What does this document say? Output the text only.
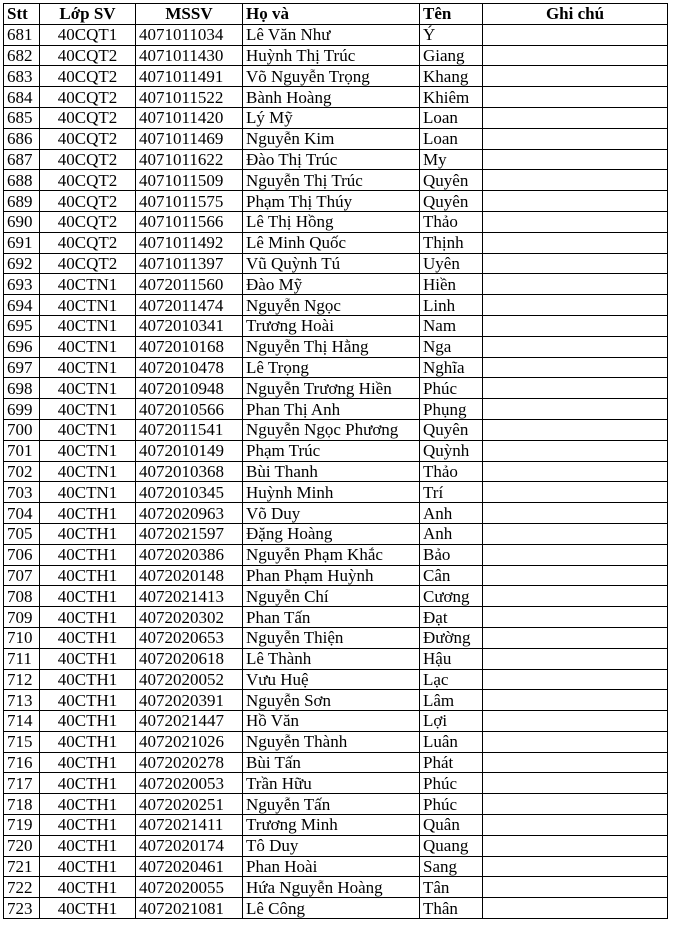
Stt	Lớp SV	MSSV	Họ và	Tên	Ghi chú
681	40CQT1	4071011034	Lê Văn Như	Ý	
682	40CQT2	4071011430	Huỳnh Thị Trúc	Giang	
683	40CQT2	4071011491	Võ Nguyễn Trọng	Khang	
684	40CQT2	4071011522	Bành Hoàng	Khiêm	
685	40CQT2	4071011420	Lý Mỹ	Loan	
686	40CQT2	4071011469	Nguyễn Kim	Loan	
687	40CQT2	4071011622	Đào Thị Trúc	My	
688	40CQT2	4071011509	Nguyễn Thị Trúc	Quyên	
689	40CQT2	4071011575	Phạm Thị Thúy	Quyên	
690	40CQT2	4071011566	Lê Thị Hồng	Thảo	
691	40CQT2	4071011492	Lê Minh Quốc	Thịnh	
692	40CQT2	4071011397	Vũ Quỳnh Tú	Uyên	
693	40CTN1	4072011560	Đào Mỹ	Hiền	
694	40CTN1	4072011474	Nguyễn Ngọc	Linh	
695	40CTN1	4072010341	Trương Hoài	Nam	
696	40CTN1	4072010168	Nguyễn Thị Hằng	Nga	
697	40CTN1	4072010478	Lê Trọng	Nghĩa	
698	40CTN1	4072010948	Nguyễn Trương Hiền	Phúc	
699	40CTN1	4072010566	Phan Thị Anh	Phụng	
700	40CTN1	4072011541	Nguyễn Ngọc Phương	Quyên	
701	40CTN1	4072010149	Phạm Trúc	Quỳnh	
702	40CTN1	4072010368	Bùi Thanh	Thảo	
703	40CTN1	4072010345	Huỳnh Minh	Trí	
704	40CTH1	4072020963	Võ Duy	Anh	
705	40CTH1	4072021597	Đặng Hoàng	Anh	
706	40CTH1	4072020386	Nguyễn Phạm Khắc	Bảo	
707	40CTH1	4072020148	Phan Phạm Huỳnh	Cân	
708	40CTH1	4072021413	Nguyễn Chí	Cương	
709	40CTH1	4072020302	Phan Tấn	Đạt	
710	40CTH1	4072020653	Nguyễn Thiện	Đường	
711	40CTH1	4072020618	Lê Thành	Hậu	
712	40CTH1	4072020052	Vưu Huệ	Lạc	
713	40CTH1	4072020391	Nguyễn Sơn	Lâm	
714	40CTH1	4072021447	Hồ Văn	Lợi	
715	40CTH1	4072021026	Nguyễn Thành	Luân	
716	40CTH1	4072020278	Bùi Tấn	Phát	
717	40CTH1	4072020053	Trần Hữu	Phúc	
718	40CTH1	4072020251	Nguyễn Tấn	Phúc	
719	40CTH1	4072021411	Trương Minh	Quân	
720	40CTH1	4072020174	Tô Duy	Quang	
721	40CTH1	4072020461	Phan Hoài	Sang	
722	40CTH1	4072020055	Hứa Nguyễn Hoàng	Tân	
723	40CTH1	4072021081	Lê Công	Thân	
